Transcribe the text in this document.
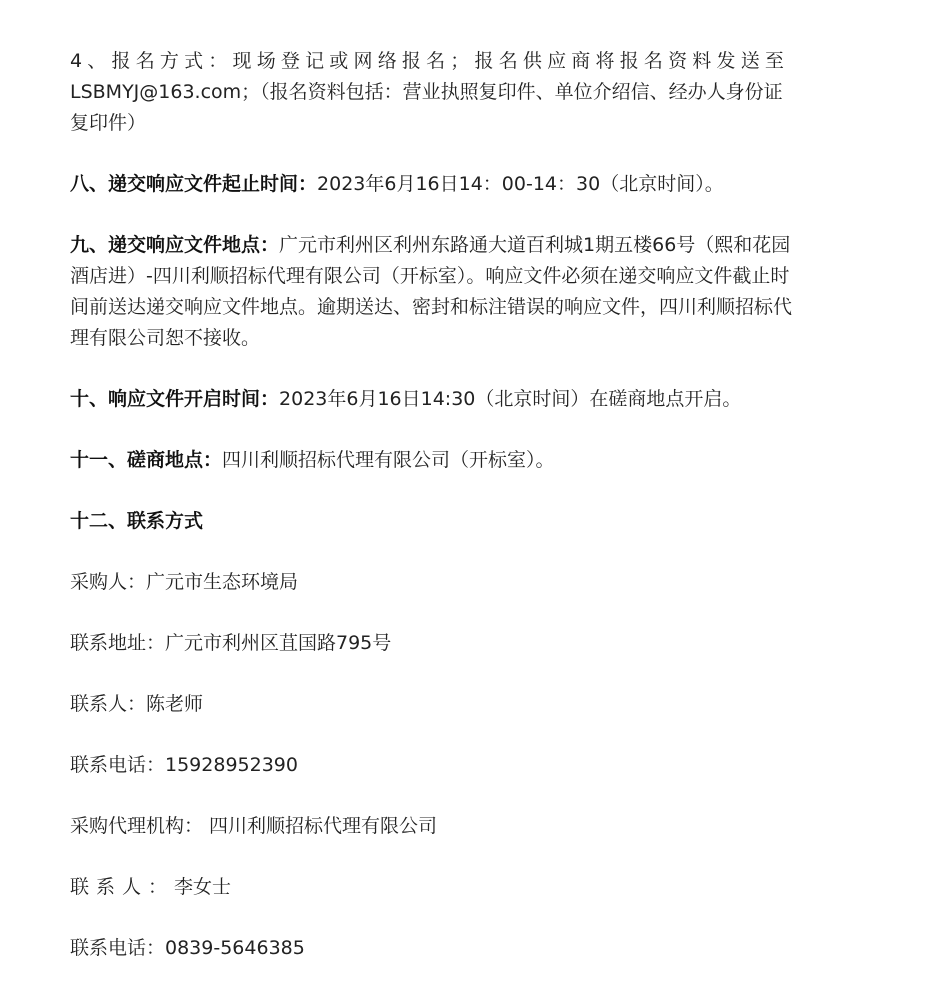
4、报名方式：现场登记或网络报名；报名供应商将报名资料发送至
LSBMYJ@163.com；（报名资料包括：营业执照复印件、单位介绍信、经办人身份证
复印件）

八、递交响应文件起止时间：2023年6月16日14：00-14：30（北京时间）。

九、递交响应文件地点：广元市利州区利州东路通大道百利城1期五楼66号（熙和花园
酒店进）-四川利顺招标代理有限公司（开标室）。响应文件必须在递交响应文件截止时
间前送达递交响应文件地点。逾期送达、密封和标注错误的响应文件，四川利顺招标代
理有限公司恕不接收。

十、响应文件开启时间：2023年6月16日14:30（北京时间）在磋商地点开启。

十一、磋商地点：四川利顺招标代理有限公司（开标室）。

十二、联系方式

采购人：广元市生态环境局

联系地址：广元市利州区苴国路795号

联系人：陈老师

联系电话：15928952390

采购代理机构： 四川利顺招标代理有限公司

联系人：李女士

联系电话：0839-5646385
